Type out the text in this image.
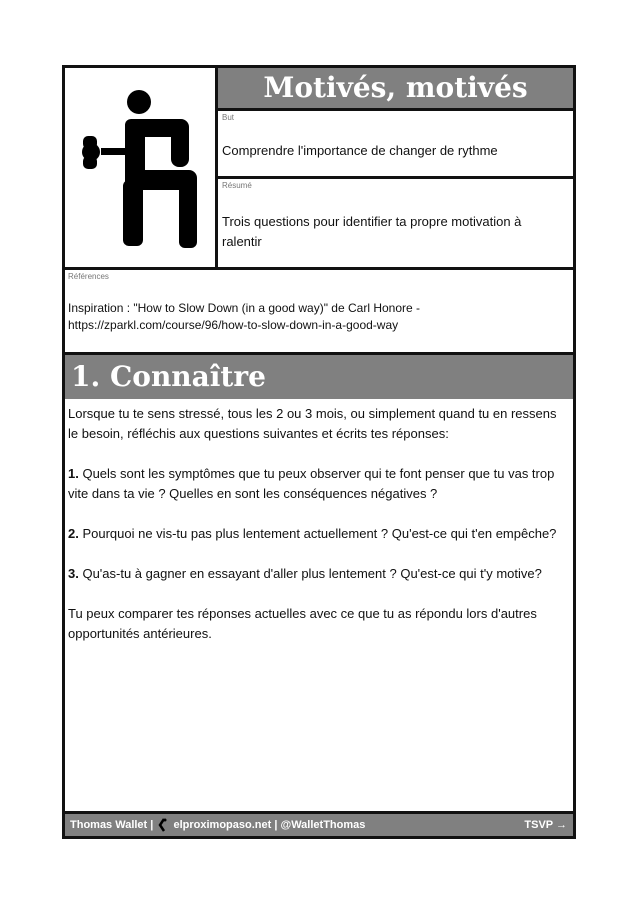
Motivés, motivés
But
Comprendre l'importance de changer de rythme
Résumé
Trois questions pour identifier ta propre motivation à ralentir
Références
Inspiration : "How to Slow Down (in a good way)" de Carl Honore -
https://zparkl.com/course/96/how-to-slow-down-in-a-good-way
1. Connaître

Lorsque tu te sens stressé, tous les 2 ou 3 mois, ou simplement quand tu en ressens le besoin, réfléchis aux questions suivantes et écrits tes réponses:

1. Quels sont les symptômes que tu peux observer qui te font penser que tu vas trop vite dans ta vie ? Quelles en sont les conséquences négatives ?

2. Pourquoi ne vis-tu pas plus lentement actuellement ? Qu'est-ce qui t'en empêche?

3. Qu'as-tu à gagner en essayant d'aller plus lentement ? Qu'est-ce qui t'y motive?

Tu peux comparer tes réponses actuelles avec ce que tu as répondu lors d'autres opportunités antérieures.

Thomas Wallet | elproximopaso.net | @WalletThomas	TSVP →
